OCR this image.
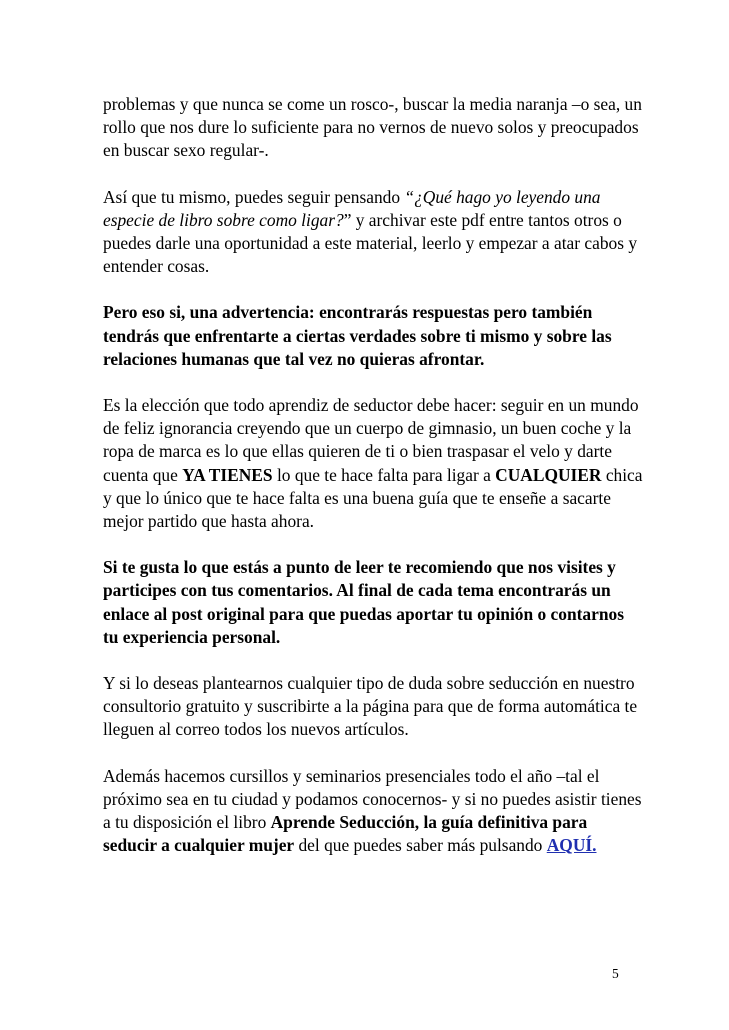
problemas y que nunca se come un rosco-, buscar la media naranja –o sea, un rollo que nos dure lo suficiente para no vernos de nuevo solos y preocupados en buscar sexo regular-.

Así que tu mismo, puedes seguir pensando “¿Qué hago yo leyendo una especie de libro sobre como ligar?” y archivar este pdf entre tantos otros o puedes darle una oportunidad a este material, leerlo y empezar a atar cabos y entender cosas.

Pero eso si, una advertencia: encontrarás respuestas pero también tendrás que enfrentarte a ciertas verdades sobre ti mismo y sobre las relaciones humanas que tal vez no quieras afrontar.

Es la elección que todo aprendiz de seductor debe hacer: seguir en un mundo de feliz ignorancia creyendo que un cuerpo de gimnasio, un buen coche y la ropa de marca es lo que ellas quieren de ti o bien traspasar el velo y darte cuenta que YA TIENES lo que te hace falta para ligar a CUALQUIER chica y que lo único que te hace falta es una buena guía que te enseñe a sacarte mejor partido que hasta ahora.

Si te gusta lo que estás a punto de leer te recomiendo que nos visites y participes con tus comentarios. Al final de cada tema encontrarás un enlace al post original para que puedas aportar tu opinión o contarnos tu experiencia personal.

Y si lo deseas plantearnos cualquier tipo de duda sobre seducción en nuestro consultorio gratuito y suscribirte a la página para que de forma automática te lleguen al correo todos los nuevos artículos.

Además hacemos cursillos y seminarios presenciales todo el año –tal el próximo sea en tu ciudad y podamos conocernos- y si no puedes asistir tienes a tu disposición el libro Aprende Seducción, la guía definitiva para seducir a cualquier mujer del que puedes saber más pulsando AQUÍ.

5
